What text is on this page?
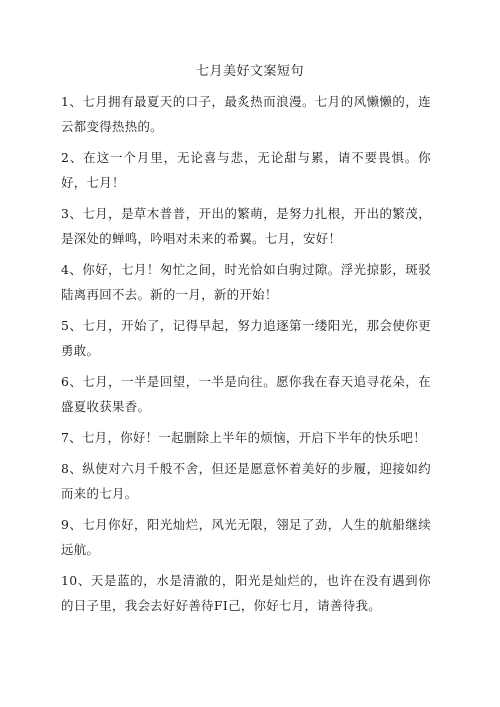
七月美好文案短句

1、七月拥有最夏天的口子，最炙热而浪漫。七月的风懒懒的，连云都变得热热的。

2、在这一个月里，无论喜与悲，无论甜与累，请不要畏惧。你好，七月！

3、七月，是草木普普，开出的繁萌，是努力扎根，开出的繁茂，是深处的蝉鸣，吟唱对未来的希翼。七月，安好！

4、你好，七月！匆忙之间，时光恰如白驹过隙。浮光掠影，斑驳陆离再回不去。新的一月，新的开始！

5、七月，开始了，记得早起，努力追逐第一缕阳光，那会使你更勇敢。

6、七月，一半是回望，一半是向往。愿你我在春天追寻花朵，在盛夏收获果香。

7、七月，你好！一起删除上半年的烦恼，开启下半年的快乐吧！

8、纵使对六月千般不舍，但还是愿意怀着美好的步履，迎接如约而来的七月。

9、七月你好，阳光灿烂，风光无限，翎足了劲，人生的航船继续远航。

10、天是蓝的，水是清澈的，阳光是灿烂的，也许在没有遇到你的日子里，我会去好好善待FI己，你好七月，请善待我。
